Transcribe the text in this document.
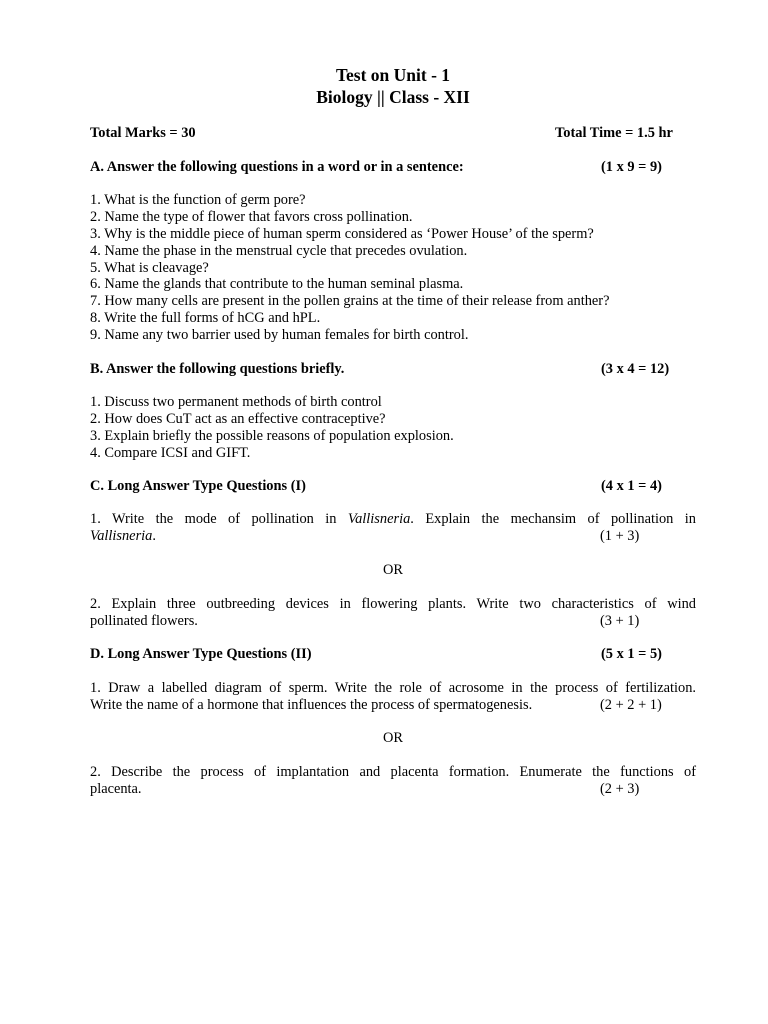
Test on Unit - 1
Biology || Class - XII
Total Marks = 30	Total Time = 1.5 hr
A. Answer the following questions in a word or in a sentence:	(1 x 9 = 9)
1. What is the function of germ pore?
2. Name the type of flower that favors cross pollination.
3. Why is the middle piece of human sperm considered as ‘Power House’ of the sperm?
4. Name the phase in the menstrual cycle that precedes ovulation.
5. What is cleavage?
6. Name the glands that contribute to the human seminal plasma.
7. How many cells are present in the pollen grains at the time of their release from anther?
8. Write the full forms of hCG and hPL.
9. Name any two barrier used by human females for birth control.
B. Answer the following questions briefly.	(3 x 4 = 12)
1. Discuss two permanent methods of birth control
2. How does CuT act as an effective contraceptive?
3. Explain briefly the possible reasons of population explosion.
4. Compare ICSI and GIFT.
C. Long Answer Type Questions (I)	(4 x 1 = 4)
1. Write the mode of pollination in Vallisneria. Explain the mechansim of pollination in
Vallisneria.	(1 + 3)
OR
2. Explain three outbreeding devices in flowering plants. Write two characteristics of wind
pollinated flowers.	(3 + 1)
D. Long Answer Type Questions (II)	(5 x 1 = 5)
1. Draw a labelled diagram of sperm. Write the role of acrosome in the process of fertilization.
Write the name of a hormone that influences the process of spermatogenesis.	(2 + 2 + 1)
OR
2. Describe the process of implantation and placenta formation. Enumerate the functions of
placenta.	(2 + 3)
